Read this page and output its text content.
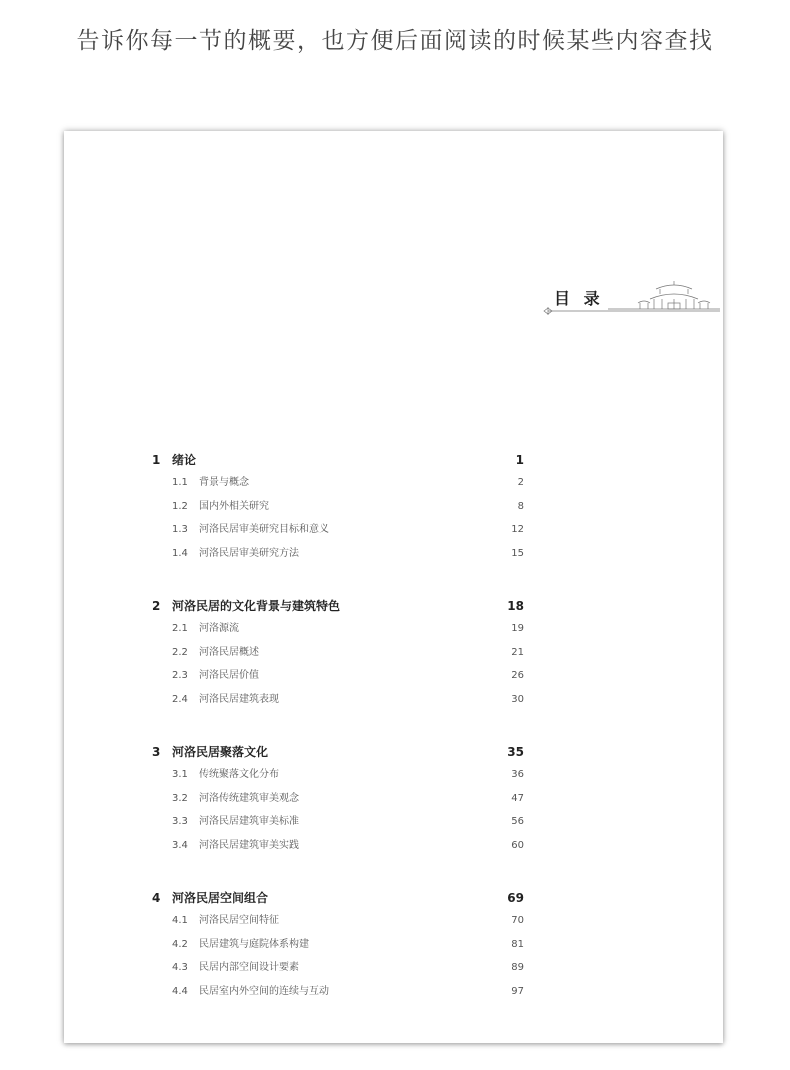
告诉你每一节的概要，也方便后面阅读的时候某些内容查找
目 录
1 绪论	1
1.1 背景与概念	2
1.2 国内外相关研究	8
1.3 河洛民居审美研究目标和意义	12
1.4 河洛民居审美研究方法	15
2 河洛民居的文化背景与建筑特色	18
2.1 河洛源流	19
2.2 河洛民居概述	21
2.3 河洛民居价值	26
2.4 河洛民居建筑表现	30
3 河洛民居聚落文化	35
3.1 传统聚落文化分布	36
3.2 河洛传统建筑审美观念	47
3.3 河洛民居建筑审美标准	56
3.4 河洛民居建筑审美实践	60
4 河洛民居空间组合	69
4.1 河洛民居空间特征	70
4.2 民居建筑与庭院体系构建	81
4.3 民居内部空间设计要素	89
4.4 民居室内外空间的连续与互动	97
